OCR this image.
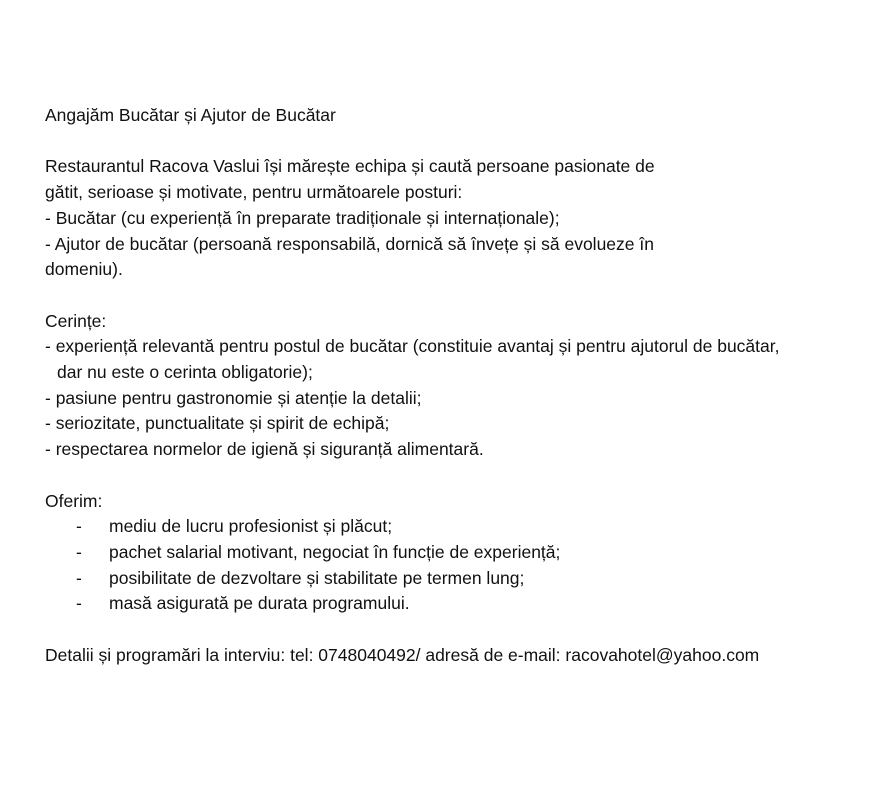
Angajăm Bucătar și Ajutor de Bucătar

Restaurantul Racova Vaslui își mărește echipa și caută persoane pasionate de

gătit, serioase și motivate, pentru următoarele posturi:

- Bucătar (cu experiență în preparate tradiționale și internaționale);

- Ajutor de bucătar (persoană responsabilă, dornică să învețe și să evolueze în

domeniu).

Cerințe:

- experiență relevantă pentru postul de bucătar (constituie avantaj și pentru ajutorul de bucătar,

dar nu este o cerinta obligatorie);

- pasiune pentru gastronomie și atenție la detalii;

- seriozitate, punctualitate și spirit de echipă;

- respectarea normelor de igienă și siguranță alimentară.

Oferim:

-	mediu de lucru profesionist și plăcut;
-	pachet salarial motivant, negociat în funcție de experiență;
-	posibilitate de dezvoltare și stabilitate pe termen lung;
-	masă asigurată pe durata programului.

Detalii și programări la interviu: tel: 0748040492/ adresă de e-mail: racovahotel@yahoo.com
